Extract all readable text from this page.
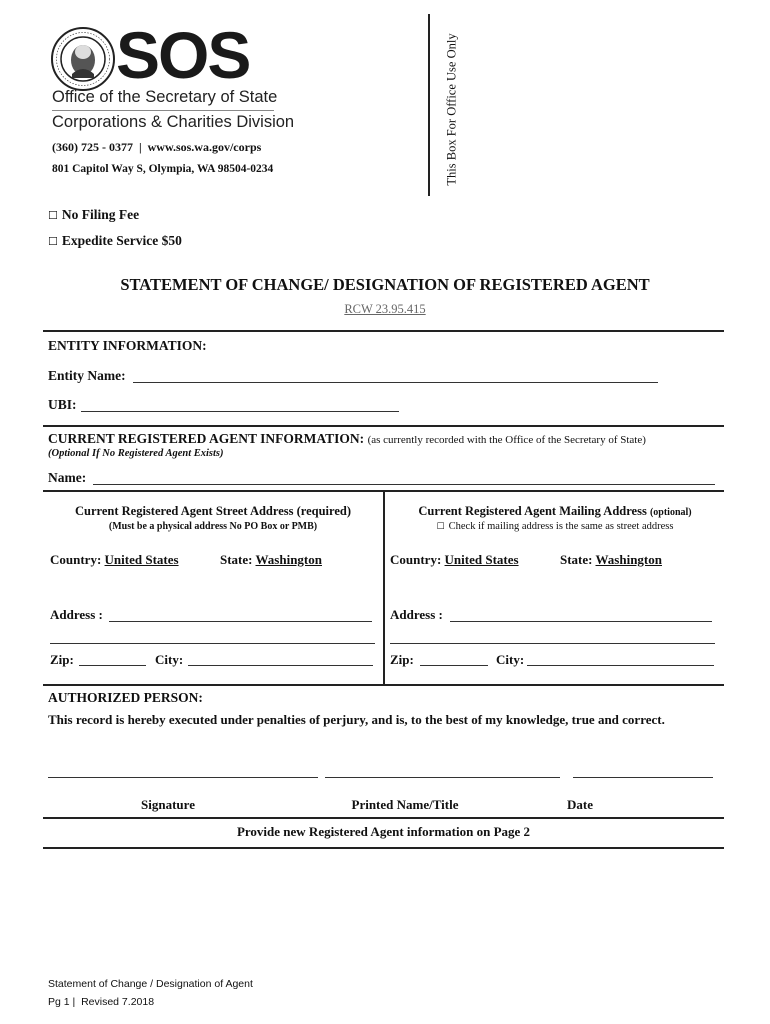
SOS
Office of the Secretary of State
Corporations & Charities Division
(360) 725 - 0377  |  www.sos.wa.gov/corps
801 Capitol Way S, Olympia, WA 98504-0234	This Box For Office Use Only
☐ No Filing Fee
☐ Expedite Service $50
STATEMENT OF CHANGE/ DESIGNATION OF REGISTERED AGENT
RCW 23.95.415
ENTITY INFORMATION:
Entity Name:
UBI:
CURRENT REGISTERED AGENT INFORMATION: (as currently recorded with the Office of the Secretary of State)
(Optional If No Registered Agent Exists)
Name:
Current Registered Agent Street Address (required)
(Must be a physical address No PO Box or PMB)
Country: United States	State: Washington
Address :
Zip:	City:
Current Registered Agent Mailing Address (optional)
☐ Check if mailing address is the same as street address
Country: United States	State: Washington
Address :
Zip:	City:
AUTHORIZED PERSON:
This record is hereby executed under penalties of perjury, and is, to the best of my knowledge, true and correct.
Signature	Printed Name/Title	Date
Provide new Registered Agent information on Page 2
Statement of Change / Designation of Agent
Pg 1 |  Revised 7.2018
